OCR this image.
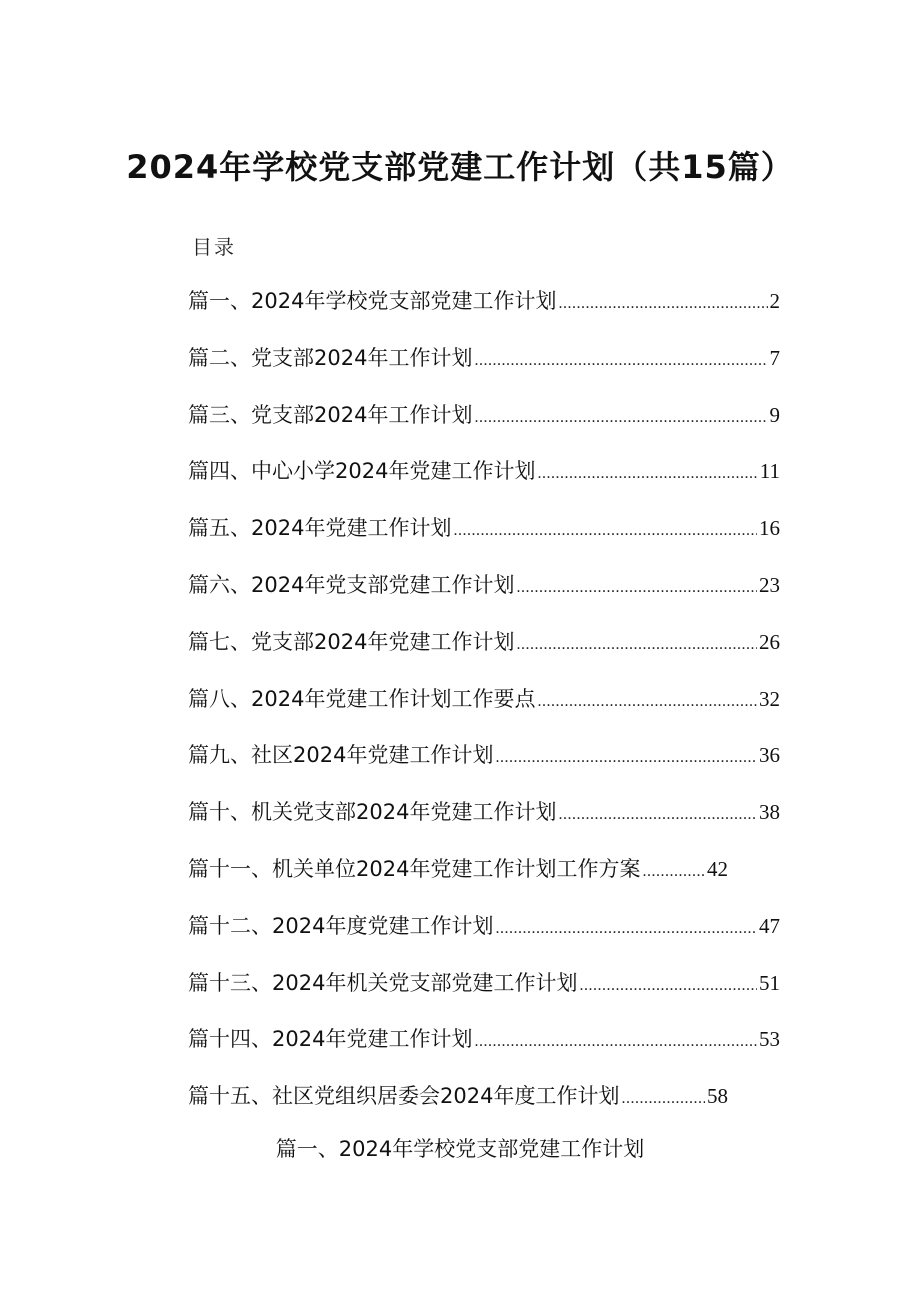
2024年学校党支部党建工作计划（共15篇）
目录
篇一、2024年学校党支部党建工作计划 .....	2
篇二、党支部2024年工作计划 .....	7
篇三、党支部2024年工作计划 .....	9
篇四、中心小学2024年党建工作计划 .....	11
篇五、2024年党建工作计划 .....	16
篇六、2024年党支部党建工作计划 .....	23
篇七、党支部2024年党建工作计划 .....	26
篇八、2024年党建工作计划工作要点 .....	32
篇九、社区2024年党建工作计划 .....	36
篇十、机关党支部2024年党建工作计划 .....	38
篇十一、机关单位2024年党建工作计划工作方案 .....	42
篇十二、2024年度党建工作计划 .....	47
篇十三、2024年机关党支部党建工作计划 .....	51
篇十四、2024年党建工作计划 .....	53
篇十五、社区党组织居委会2024年度工作计划 .....	58
篇一、2024年学校党支部党建工作计划
